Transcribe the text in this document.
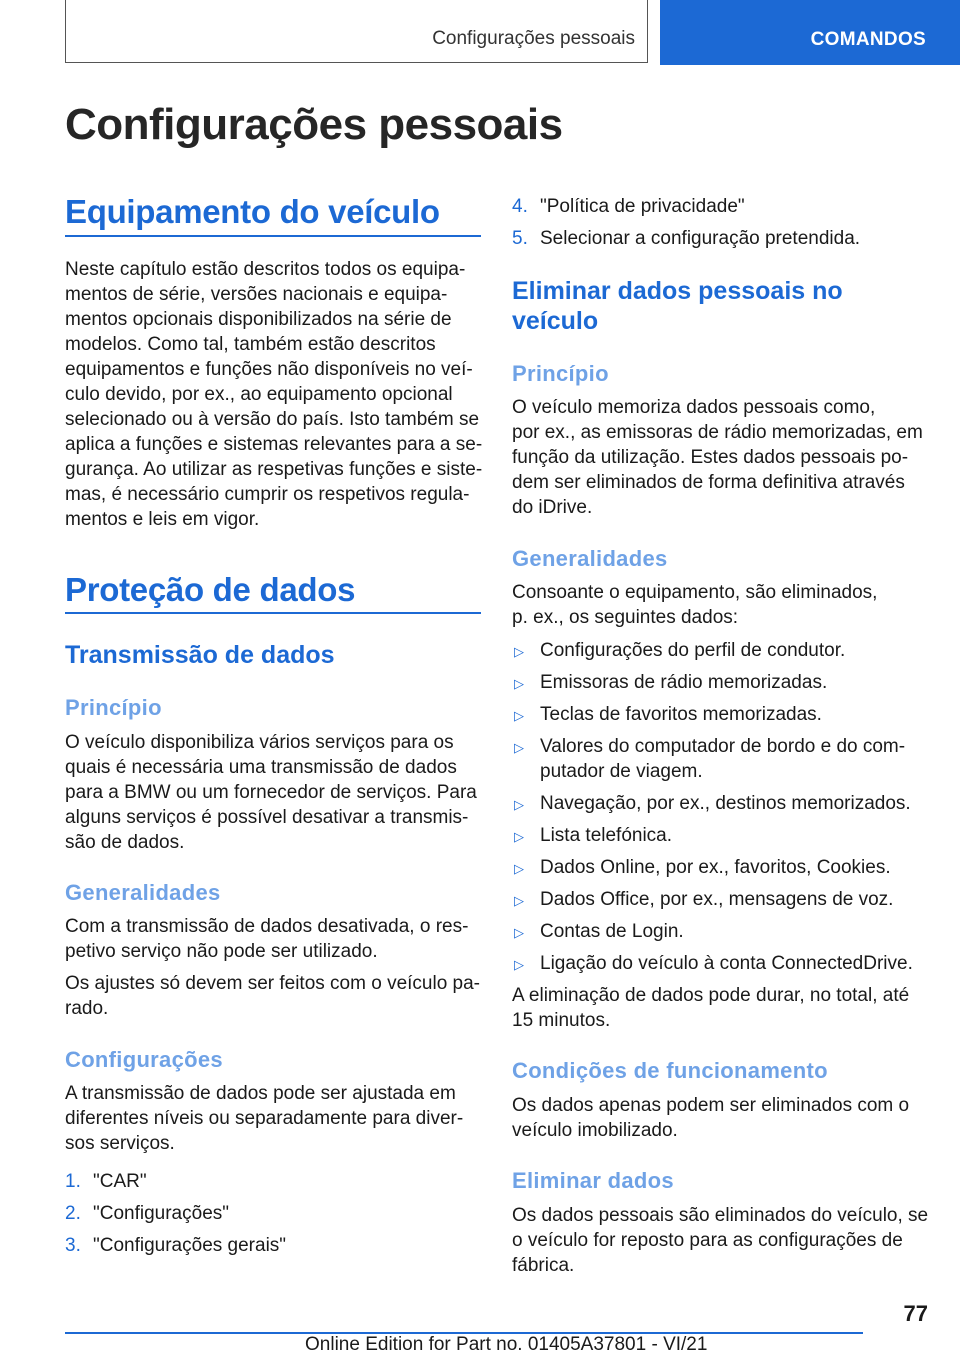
Configurações pessoais	COMANDOS
Configurações pessoais
Equipamento do veículo

Neste capítulo estão descritos todos os equipa-
mentos de série, versões nacionais e equipa-
mentos opcionais disponibilizados na série de
modelos. Como tal, também estão descritos
equipamentos e funções não disponíveis no veí-
culo devido, por ex., ao equipamento opcional
selecionado ou à versão do país. Isto também se
aplica a funções e sistemas relevantes para a se-
gurança. Ao utilizar as respetivas funções e siste-
mas, é necessário cumprir os respetivos regula-
mentos e leis em vigor.

Proteção de dados
Transmissão de dados
Princípio

O veículo disponibiliza vários serviços para os
quais é necessária uma transmissão de dados
para a BMW ou um fornecedor de serviços. Para
alguns serviços é possível desativar a transmis-
são de dados.

Generalidades

Com a transmissão de dados desativada, o res-
petivo serviço não pode ser utilizado.

Os ajustes só devem ser feitos com o veículo pa-
rado.

Configurações

A transmissão de dados pode ser ajustada em
diferentes níveis ou separadamente para diver-
sos serviços.

1. "CAR"
2. "Configurações"
3. "Configurações gerais"
4. "Política de privacidade"
5. Selecionar a configuração pretendida.
Eliminar dados pessoais no
veículo
Princípio

O veículo memoriza dados pessoais como,
por ex., as emissoras de rádio memorizadas, em
função da utilização. Estes dados pessoais po-
dem ser eliminados de forma definitiva através
do iDrive.

Generalidades

Consoante o equipamento, são eliminados,
p. ex., os seguintes dados:

▷ Configurações do perfil de condutor.
▷ Emissoras de rádio memorizadas.
▷ Teclas de favoritos memorizadas.
▷ Valores do computador de bordo e do com-
putador de viagem.
▷ Navegação, por ex., destinos memorizados.
▷ Lista telefónica.
▷ Dados Online, por ex., favoritos, Cookies.
▷ Dados Office, por ex., mensagens de voz.
▷ Contas de Login.
▷ Ligação do veículo à conta ConnectedDrive.

A eliminação de dados pode durar, no total, até
15 minutos.

Condições de funcionamento

Os dados apenas podem ser eliminados com o
veículo imobilizado.

Eliminar dados

Os dados pessoais são eliminados do veículo, se
o veículo for reposto para as configurações de
fábrica.

77
Online Edition for Part no. 01405A37801 - VI/21
